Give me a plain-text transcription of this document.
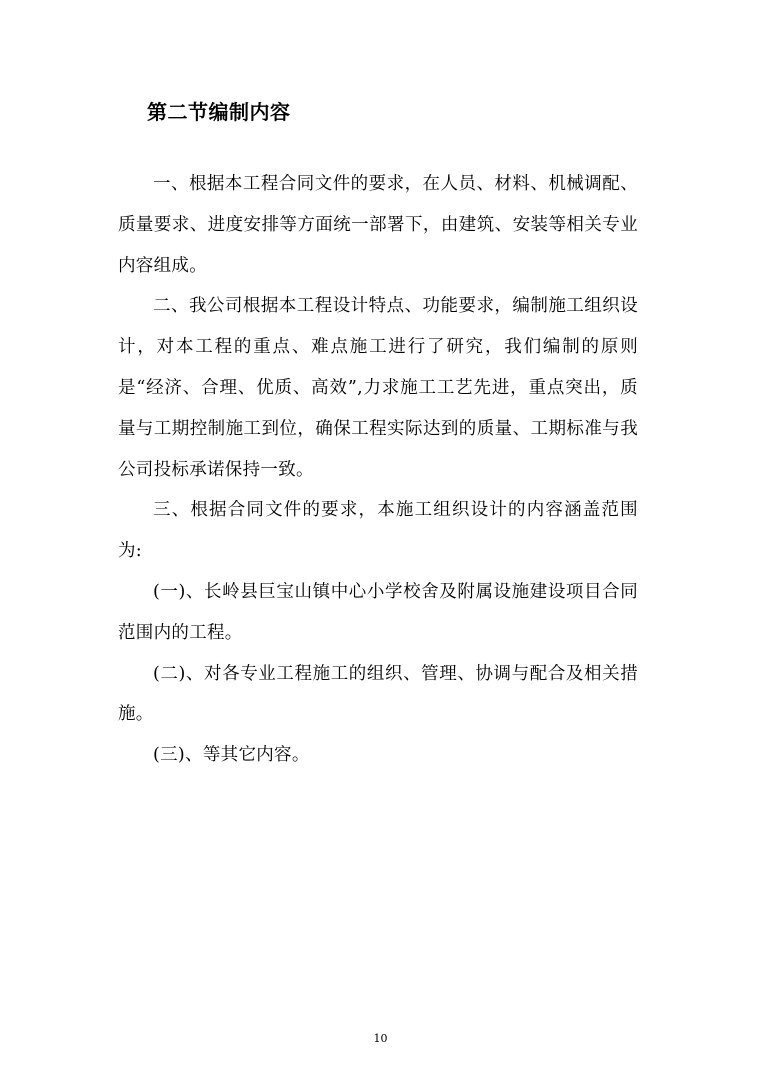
第二节编制内容

一、根据本工程合同文件的要求，在人员、材料、机械调配、质量要求、进度安排等方面统一部署下，由建筑、安装等相关专业内容组成。

二、我公司根据本工程设计特点、功能要求，编制施工组织设计，对本工程的重点、难点施工进行了研究，我们编制的原则是“经济、合理、优质、高效”,力求施工工艺先进，重点突出，质量与工期控制施工到位，确保工程实际达到的质量、工期标准与我公司投标承诺保持一致。

三、根据合同文件的要求，本施工组织设计的内容涵盖范围为:

(一)、长岭县巨宝山镇中心小学校舍及附属设施建设项目合同范围内的工程。

(二)、对各专业工程施工的组织、管理、协调与配合及相关措施。

(三)、等其它内容。

10
